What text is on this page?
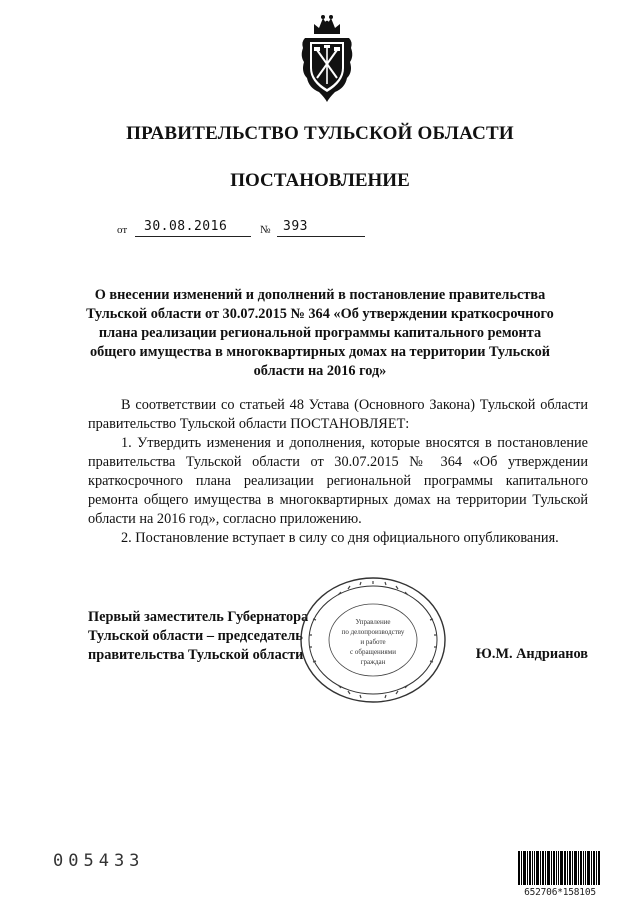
ПРАВИТЕЛЬСТВО ТУЛЬСКОЙ ОБЛАСТИ
ПОСТАНОВЛЕНИЕ
от 30.08.2016	№ 393
О внесении изменений и дополнений в постановление правительства Тульской области от 30.07.2015 № 364 «Об утверждении краткосрочного плана реализации региональной программы капитального ремонта общего имущества в многоквартирных домах на территории Тульской области на 2016 год»
В соответствии со статьей 48 Устава (Основного Закона) Тульской области правительство Тульской области ПОСТАНОВЛЯЕТ:
1. Утвердить изменения и дополнения, которые вносятся в постановление правительства Тульской области от 30.07.2015 № 364 «Об утверждении краткосрочного плана реализации региональной программы капитального ремонта общего имущества в многоквартирных домах на территории Тульской области на 2016 год», согласно приложению.
2. Постановление вступает в силу со дня официального опубликования.
Первый заместитель Губернатора
Тульской области – председатель
правительства Тульской области	Ю.М. Андрианов
Управление
по делопроизводству
и работе
с обращениями
граждан
005433
652706*158105
